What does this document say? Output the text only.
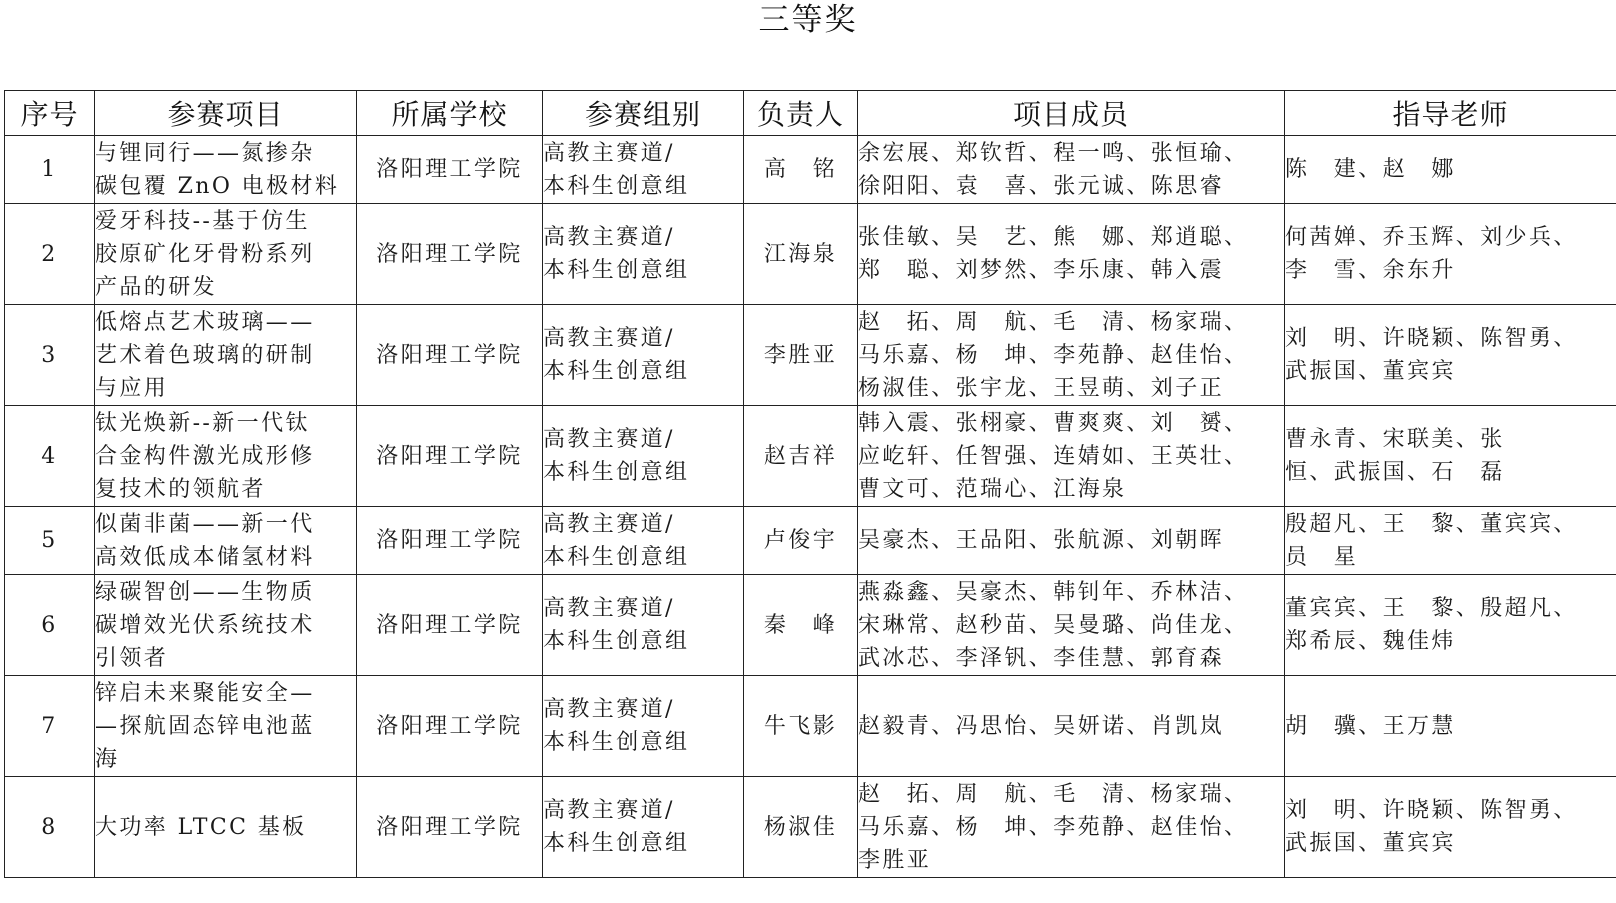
三等奖
序号	参赛项目	所属学校	参赛组别	负责人	项目成员	指导老师
1	与锂同行——氮掺杂
碳包覆 ZnO 电极材料	洛阳理工学院	高教主赛道/
本科生创意组	高　铭	余宏展、郑钦哲、程一鸣、张恒瑜、
徐阳阳、袁　喜、张元诚、陈思睿	陈　建、赵　娜

2	爱牙科技--基于仿生
胶原矿化牙骨粉系列
产品的研发	洛阳理工学院	高教主赛道/
本科生创意组	江海泉	张佳敏、吴　艺、熊　娜、郑逍聪、
郑　聪、刘梦然、李乐康、韩入震	何茜婵、乔玉辉、刘少兵、
李　雪、余东升

3	低熔点艺术玻璃——
艺术着色玻璃的研制
与应用	洛阳理工学院	高教主赛道/
本科生创意组	李胜亚	赵　拓、周　航、毛　清、杨家瑞、
马乐嘉、杨　坤、李苑静、赵佳怡、
杨淑佳、张宇龙、王昱萌、刘子正	刘　明、许晓颖、陈智勇、
武振国、董宾宾

4	钛光焕新--新一代钛
合金构件激光成形修
复技术的领航者	洛阳理工学院	高教主赛道/
本科生创意组	赵吉祥	韩入震、张栩豪、曹爽爽、刘　赟、
应屹轩、任智强、连婧如、王英壮、
曹文可、范瑞心、江海泉	曹永青、宋联美、张
恒、武振国、石　磊

5	似菌非菌——新一代
高效低成本储氢材料	洛阳理工学院	高教主赛道/
本科生创意组	卢俊宇	吴豪杰、王品阳、张航源、刘朝晖	殷超凡、王　黎、董宾宾、
员　星

6	绿碳智创——生物质
碳增效光伏系统技术
引领者	洛阳理工学院	高教主赛道/
本科生创意组	秦　峰	燕淼鑫、吴豪杰、韩钊年、乔林洁、
宋琳常、赵秒苗、吴曼璐、尚佳龙、
武冰芯、李泽钒、李佳慧、郭育森	董宾宾、王　黎、殷超凡、
郑希辰、魏佳炜

7	锌启未来聚能安全—
—探航固态锌电池蓝
海	洛阳理工学院	高教主赛道/
本科生创意组	牛飞影	赵毅青、冯思怡、吴妍诺、肖凯岚	胡　骥、王万慧

8	大功率 LTCC 基板	洛阳理工学院	高教主赛道/
本科生创意组	杨淑佳	赵　拓、周　航、毛　清、杨家瑞、
马乐嘉、杨　坤、李苑静、赵佳怡、
李胜亚	刘　明、许晓颖、陈智勇、
武振国、董宾宾
